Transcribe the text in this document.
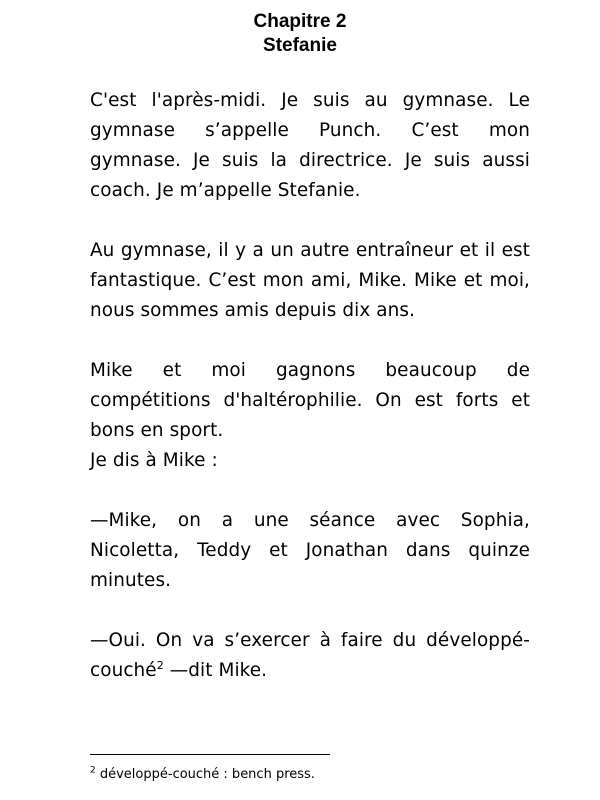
Chapitre 2
Stefanie

C'est l'après-midi. Je suis au gymnase. Le gymnase s’appelle Punch. C’est mon gymnase. Je suis la directrice. Je suis aussi coach. Je m’appelle Stefanie.

Au gymnase, il y a un autre entraîneur et il est fantastique. C’est mon ami, Mike. Mike et moi, nous sommes amis depuis dix ans.

Mike et moi gagnons beaucoup de compétitions d'haltérophilie. On est forts et bons en sport.

Je dis à Mike :

—Mike, on a une séance avec Sophia, Nicoletta, Teddy et Jonathan dans quinze minutes.

—Oui. On va s’exercer à faire du développé-couché$^2$ —dit Mike.

$^2$ développé-couché : bench press.
